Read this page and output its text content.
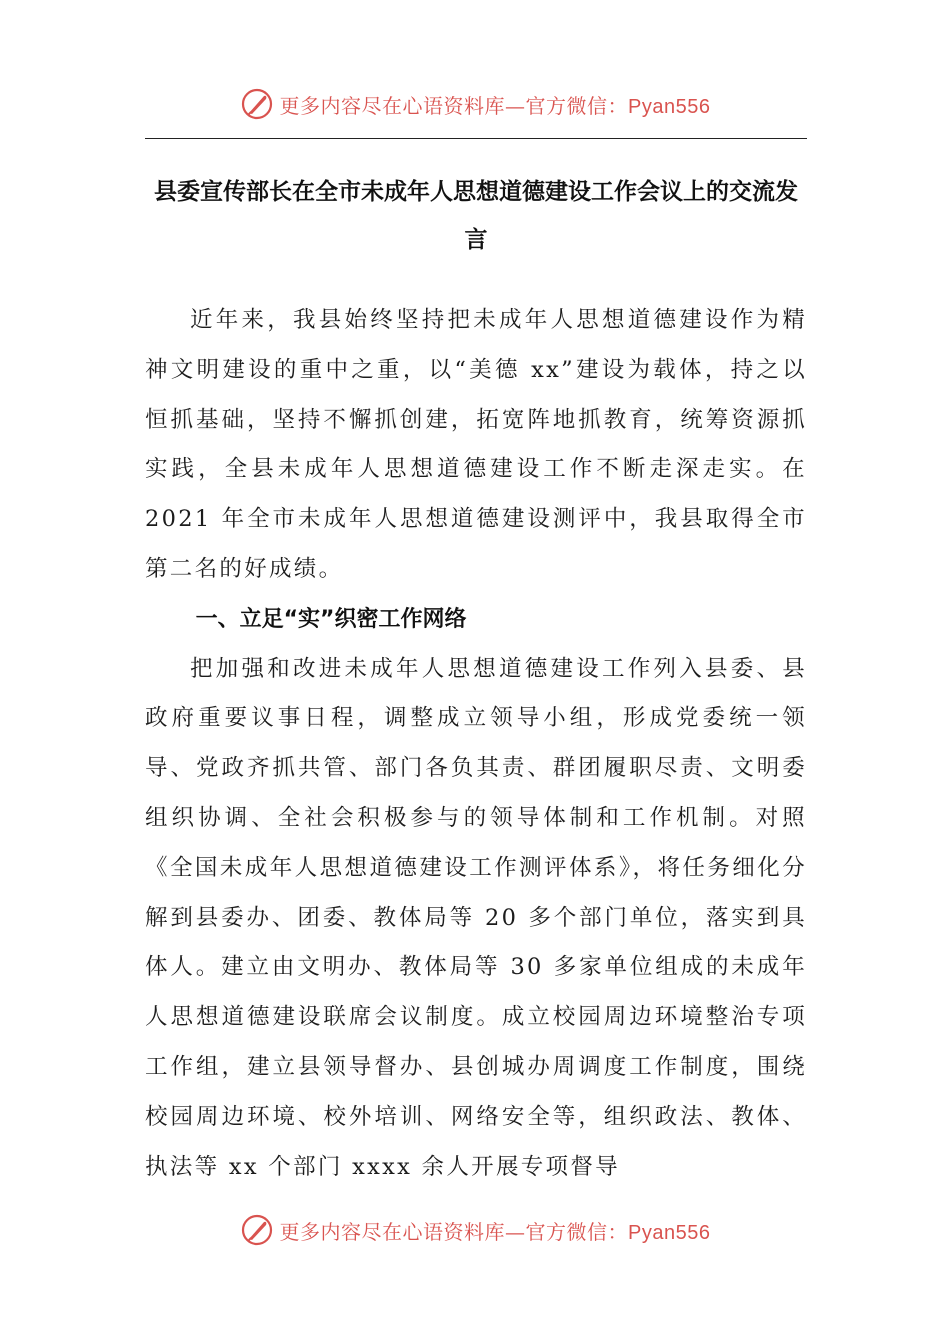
更多内容尽在心语资料库—官方微信：Pyan556
县委宣传部长在全市未成年人思想道德建设工作会议上的交流发言

近年来，我县始终坚持把未成年人思想道德建设作为精神文明建设的重中之重，以“美德 xx”建设为载体，持之以恒抓基础，坚持不懈抓创建，拓宽阵地抓教育，统筹资源抓实践，全县未成年人思想道德建设工作不断走深走实。在 2021 年全市未成年人思想道德建设测评中，我县取得全市第二名的好成绩。

一、立足“实”织密工作网络

把加强和改进未成年人思想道德建设工作列入县委、县政府重要议事日程，调整成立领导小组，形成党委统一领导、党政齐抓共管、部门各负其责、群团履职尽责、文明委组织协调、全社会积极参与的领导体制和工作机制。对照《全国未成年人思想道德建设工作测评体系》，将任务细化分解到县委办、团委、教体局等 20 多个部门单位，落实到具体人。建立由文明办、教体局等 30 多家单位组成的未成年人思想道德建设联席会议制度。成立校园周边环境整治专项工作组，建立县领导督办、县创城办周调度工作制度，围绕校园周边环境、校外培训、网络安全等，组织政法、教体、执法等 xx 个部门 xxxx 余人开展专项督导

更多内容尽在心语资料库—官方微信：Pyan556
